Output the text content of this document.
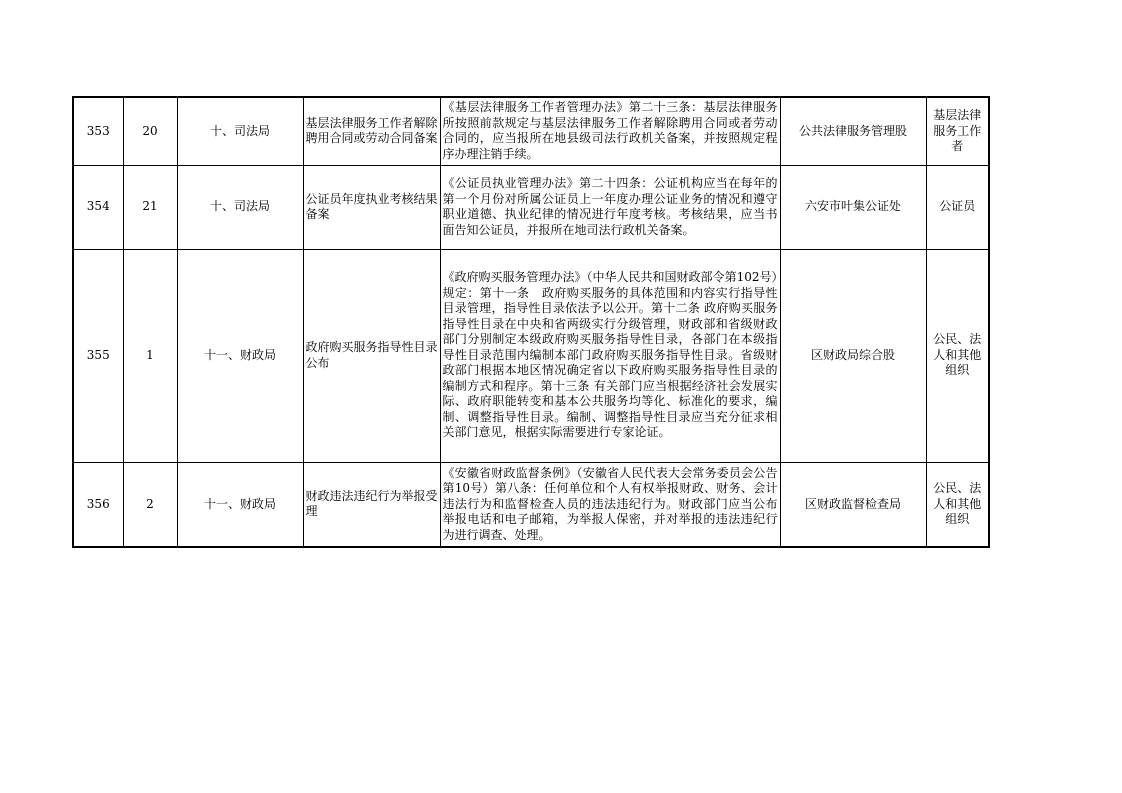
353	20	十、司法局	基层法律服务工作者解除聘用合同或劳动合同备案	《基层法律服务工作者管理办法》第二十三条：基层法律服务所按照前款规定与基层法律服务工作者解除聘用合同或者劳动合同的，应当报所在地县级司法行政机关备案，并按照规定程序办理注销手续。	公共法律服务管理股	基层法律服务工作者
354	21	十、司法局	公证员年度执业考核结果备案	《公证员执业管理办法》第二十四条：公证机构应当在每年的第一个月份对所属公证员上一年度办理公证业务的情况和遵守职业道德、执业纪律的情况进行年度考核。考核结果，应当书面告知公证员，并报所在地司法行政机关备案。	六安市叶集公证处	公证员
355	1	十一、财政局	政府购买服务指导性目录公布	《政府购买服务管理办法》（中华人民共和国财政部令第102号）规定：第十一条　政府购买服务的具体范围和内容实行指导性目录管理，指导性目录依法予以公开。第十二条 政府购买服务指导性目录在中央和省两级实行分级管理，财政部和省级财政部门分别制定本级政府购买服务指导性目录，各部门在本级指导性目录范围内编制本部门政府购买服务指导性目录。省级财政部门根据本地区情况确定省以下政府购买服务指导性目录的编制方式和程序。第十三条 有关部门应当根据经济社会发展实际、政府职能转变和基本公共服务均等化、标准化的要求，编制、调整指导性目录。编制、调整指导性目录应当充分征求相关部门意见，根据实际需要进行专家论证。	区财政局综合股	公民、法人和其他组织
356	2	十一、财政局	财政违法违纪行为举报受理	《安徽省财政监督条例》（安徽省人民代表大会常务委员会公告第10号）第八条：任何单位和个人有权举报财政、财务、会计违法行为和监督检查人员的违法违纪行为。财政部门应当公布举报电话和电子邮箱，为举报人保密，并对举报的违法违纪行为进行调查、处理。	区财政监督检查局	公民、法人和其他组织
